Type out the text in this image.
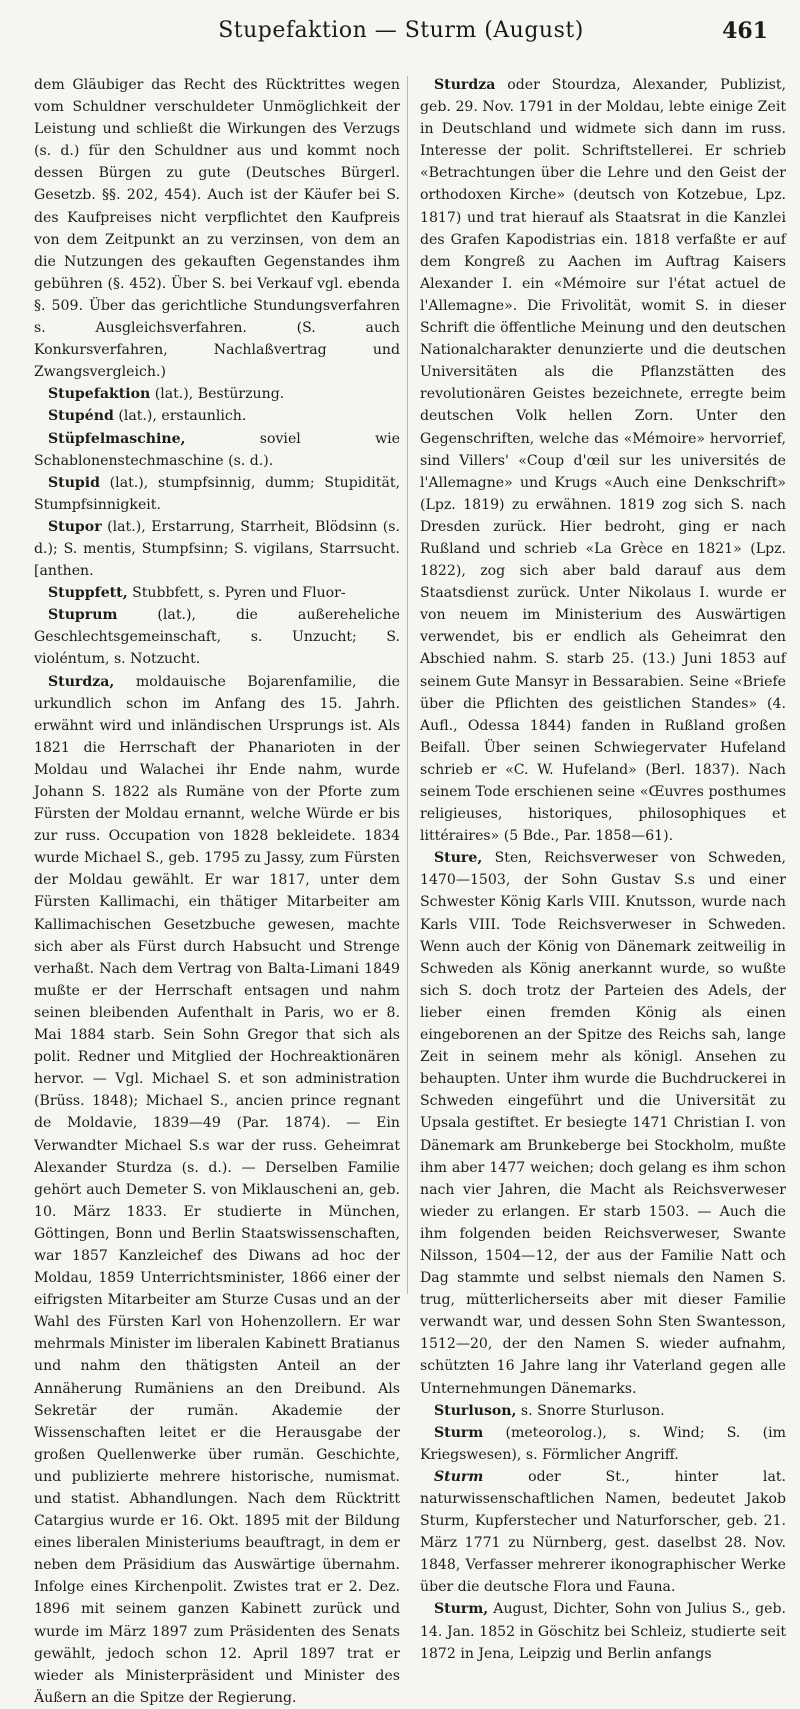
Stupefaktion — Sturm (August)	461

dem Gläubiger das Recht des Rücktrittes wegen vom Schuldner verschuldeter Unmöglichkeit der Leistung und schließt die Wirkungen des Verzugs (s. d.) für den Schuldner aus und kommt noch dessen Bürgen zu gute (Deutsches Bürgerl. Gesetzb. §§. 202, 454). Auch ist der Käufer bei S. des Kaufpreises nicht verpflichtet den Kaufpreis von dem Zeitpunkt an zu verzinsen, von dem an die Nutzungen des gekauften Gegenstandes ihm gebühren (§. 452). Über S. bei Verkauf vgl. ebenda §. 509. Über das gerichtliche Stundungsverfahren s. Ausgleichsverfahren. (S. auch Konkursverfahren, Nachlaßvertrag und Zwangsvergleich.)

Stupefaktion (lat.), Bestürzung.

Stupénd (lat.), erstaunlich.

Stüpfelmaschine, soviel wie Schablonenstechmaschine (s. d.).

Stupid (lat.), stumpfsinnig, dumm; Stupidität, Stumpfsinnigkeit.

Stupor (lat.), Erstarrung, Starrheit, Blödsinn (s. d.); S. mentis, Stumpfsinn; S. vigilans, Starrsucht. [anthen.

Stuppfett, Stubbfett, s. Pyren und Fluor-

Stuprum (lat.), die außereheliche Geschlechtsgemeinschaft, s. Unzucht; S. violéntum, s. Notzucht.

Sturdza, moldauische Bojarenfamilie, die urkundlich schon im Anfang des 15. Jahrh. erwähnt wird und inländischen Ursprungs ist. Als 1821 die Herrschaft der Phanarioten in der Moldau und Walachei ihr Ende nahm, wurde Johann S. 1822 als Rumäne von der Pforte zum Fürsten der Moldau ernannt, welche Würde er bis zur russ. Occupation von 1828 bekleidete. 1834 wurde Michael S., geb. 1795 zu Jassy, zum Fürsten der Moldau gewählt. Er war 1817, unter dem Fürsten Kallimachi, ein thätiger Mitarbeiter am Kallimachischen Gesetzbuche gewesen, machte sich aber als Fürst durch Habsucht und Strenge verhaßt. Nach dem Vertrag von Balta-Limani 1849 mußte er der Herrschaft entsagen und nahm seinen bleibenden Aufenthalt in Paris, wo er 8. Mai 1884 starb. Sein Sohn Gregor that sich als polit. Redner und Mitglied der Hochreaktionären hervor. — Vgl. Michael S. et son administration (Brüss. 1848); Michael S., ancien prince regnant de Moldavie, 1839—49 (Par. 1874). — Ein Verwandter Michael S.s war der russ. Geheimrat Alexander Sturdza (s. d.). — Derselben Familie gehört auch Demeter S. von Miklauscheni an, geb. 10. März 1833. Er studierte in München, Göttingen, Bonn und Berlin Staatswissenschaften, war 1857 Kanzleichef des Diwans ad hoc der Moldau, 1859 Unterrichtsminister, 1866 einer der eifrigsten Mitarbeiter am Sturze Cusas und an der Wahl des Fürsten Karl von Hohenzollern. Er war mehrmals Minister im liberalen Kabinett Bratianus und nahm den thätigsten Anteil an der Annäherung Rumäniens an den Dreibund. Als Sekretär der rumän. Akademie der Wissenschaften leitet er die Herausgabe der großen Quellenwerke über rumän. Geschichte, und publizierte mehrere historische, numismat. und statist. Abhandlungen. Nach dem Rücktritt Catargius wurde er 16. Okt. 1895 mit der Bildung eines liberalen Ministeriums beauftragt, in dem er neben dem Präsidium das Auswärtige übernahm. Infolge eines Kirchenpolit. Zwistes trat er 2. Dez. 1896 mit seinem ganzen Kabinett zurück und wurde im März 1897 zum Präsidenten des Senats gewählt, jedoch schon 12. April 1897 trat er wieder als Ministerpräsident und Minister des Äußern an die Spitze der Regierung.

Sturdza oder Stourdza, Alexander, Publizist, geb. 29. Nov. 1791 in der Moldau, lebte einige Zeit in Deutschland und widmete sich dann im russ. Interesse der polit. Schriftstellerei. Er schrieb «Betrachtungen über die Lehre und den Geist der orthodoxen Kirche» (deutsch von Kotzebue, Lpz. 1817) und trat hierauf als Staatsrat in die Kanzlei des Grafen Kapodistrias ein. 1818 verfaßte er auf dem Kongreß zu Aachen im Auftrag Kaisers Alexander I. ein «Mémoire sur l'état actuel de l'Allemagne». Die Frivolität, womit S. in dieser Schrift die öffentliche Meinung und den deutschen Nationalcharakter denunzierte und die deutschen Universitäten als die Pflanzstätten des revolutionären Geistes bezeichnete, erregte beim deutschen Volk hellen Zorn. Unter den Gegenschriften, welche das «Mémoire» hervorrief, sind Villers' «Coup d'œil sur les universités de l'Allemagne» und Krugs «Auch eine Denkschrift» (Lpz. 1819) zu erwähnen. 1819 zog sich S. nach Dresden zurück. Hier bedroht, ging er nach Rußland und schrieb «La Grèce en 1821» (Lpz. 1822), zog sich aber bald darauf aus dem Staatsdienst zurück. Unter Nikolaus I. wurde er von neuem im Ministerium des Auswärtigen verwendet, bis er endlich als Geheimrat den Abschied nahm. S. starb 25. (13.) Juni 1853 auf seinem Gute Mansyr in Bessarabien. Seine «Briefe über die Pflichten des geistlichen Standes» (4. Aufl., Odessa 1844) fanden in Rußland großen Beifall. Über seinen Schwiegervater Hufeland schrieb er «C. W. Hufeland» (Berl. 1837). Nach seinem Tode erschienen seine «Œuvres posthumes religieuses, historiques, philosophiques et littéraires» (5 Bde., Par. 1858—61).

Sture, Sten, Reichsverweser von Schweden, 1470—1503, der Sohn Gustav S.s und einer Schwester König Karls VIII. Knutsson, wurde nach Karls VIII. Tode Reichsverweser in Schweden. Wenn auch der König von Dänemark zeitweilig in Schweden als König anerkannt wurde, so wußte sich S. doch trotz der Parteien des Adels, der lieber einen fremden König als einen eingeborenen an der Spitze des Reichs sah, lange Zeit in seinem mehr als königl. Ansehen zu behaupten. Unter ihm wurde die Buchdruckerei in Schweden eingeführt und die Universität zu Upsala gestiftet. Er besiegte 1471 Christian I. von Dänemark am Brunkeberge bei Stockholm, mußte ihm aber 1477 weichen; doch gelang es ihm schon nach vier Jahren, die Macht als Reichsverweser wieder zu erlangen. Er starb 1503. — Auch die ihm folgenden beiden Reichsverweser, Swante Nilsson, 1504—12, der aus der Familie Natt och Dag stammte und selbst niemals den Namen S. trug, mütterlicherseits aber mit dieser Familie verwandt war, und dessen Sohn Sten Swantesson, 1512—20, der den Namen S. wieder aufnahm, schützten 16 Jahre lang ihr Vaterland gegen alle Unternehmungen Dänemarks.

Sturluson, s. Snorre Sturluson.

Sturm (meteorolog.), s. Wind; S. (im Kriegswesen), s. Förmlicher Angriff.

Sturm oder St., hinter lat. naturwissenschaftlichen Namen, bedeutet Jakob Sturm, Kupferstecher und Naturforscher, geb. 21. März 1771 zu Nürnberg, gest. daselbst 28. Nov. 1848, Verfasser mehrerer ikonographischer Werke über die deutsche Flora und Fauna.

Sturm, August, Dichter, Sohn von Julius S., geb. 14. Jan. 1852 in Göschitz bei Schleiz, studierte seit 1872 in Jena, Leipzig und Berlin anfangs
